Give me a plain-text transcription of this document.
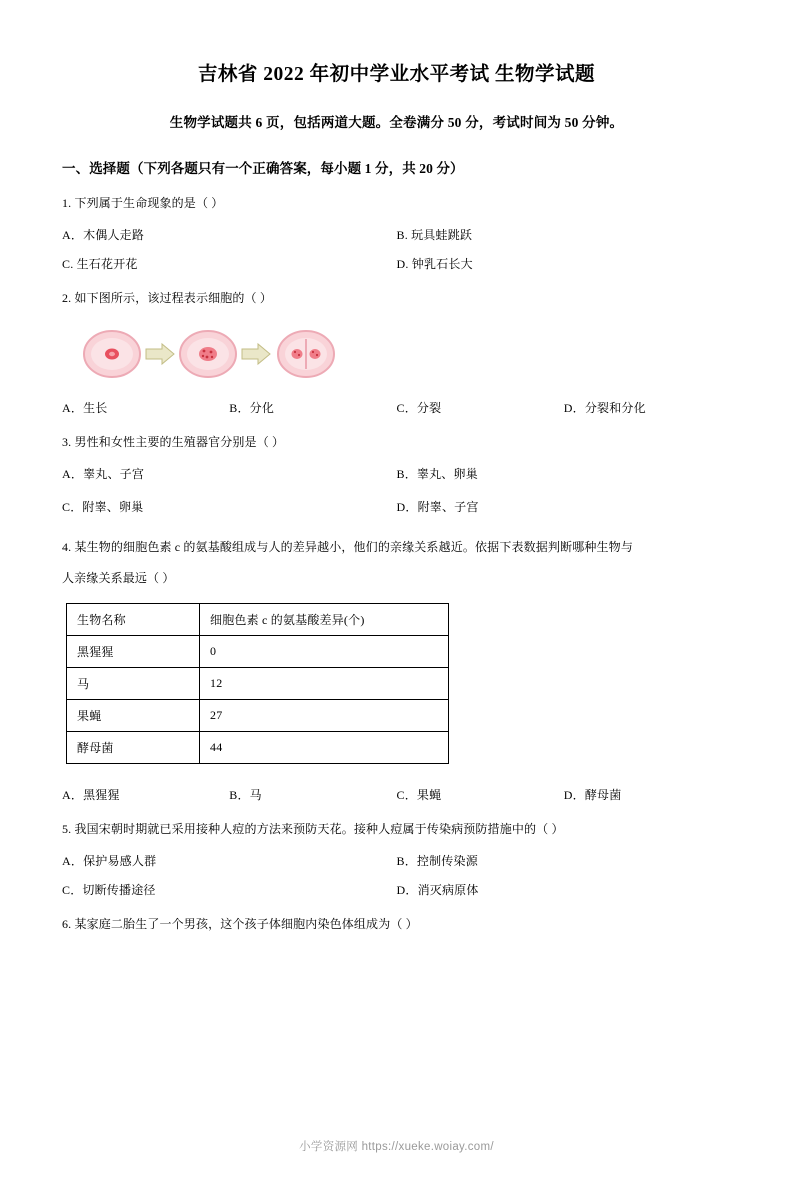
吉林省 2022 年初中学业水平考试 生物学试题
生物学试题共 6 页，包括两道大题。全卷满分 50 分，考试时间为 50 分钟。
一、选择题（下列各题只有一个正确答案，每小题 1 分，共 20 分）
1. 下列属于生命现象的是（ ）
A．木偶人走路	B. 玩具蛙跳跃
C. 生石花开花	D. 钟乳石长大
2. 如下图所示，该过程表示细胞的（ ）
A．生长	B．分化	C．分裂	D．分裂和分化
3. 男性和女性主要的生殖器官分别是（ ）
A．睾丸、子宫	B．睾丸、卵巢
C．附睾、卵巢	D．附睾、子宫
4. 某生物的细胞色素 c 的氨基酸组成与人的差异越小，他们的亲缘关系越近。依据下表数据判断哪种生物与
人亲缘关系最远（ ）
生物名称	细胞色素 c 的氨基酸差异(个)
黑猩猩	0
马	12
果蝇	27
酵母菌	44
A．黑猩猩	B．马	C．果蝇	D．酵母菌
5. 我国宋朝时期就已采用接种人痘的方法来预防天花。接种人痘属于传染病预防措施中的（ ）
A．保护易感人群	B．控制传染源
C．切断传播途径	D．消灭病原体
6. 某家庭二胎生了一个男孩，这个孩子体细胞内染色体组成为（ ）
小学资源网 https://xueke.woiay.com/
